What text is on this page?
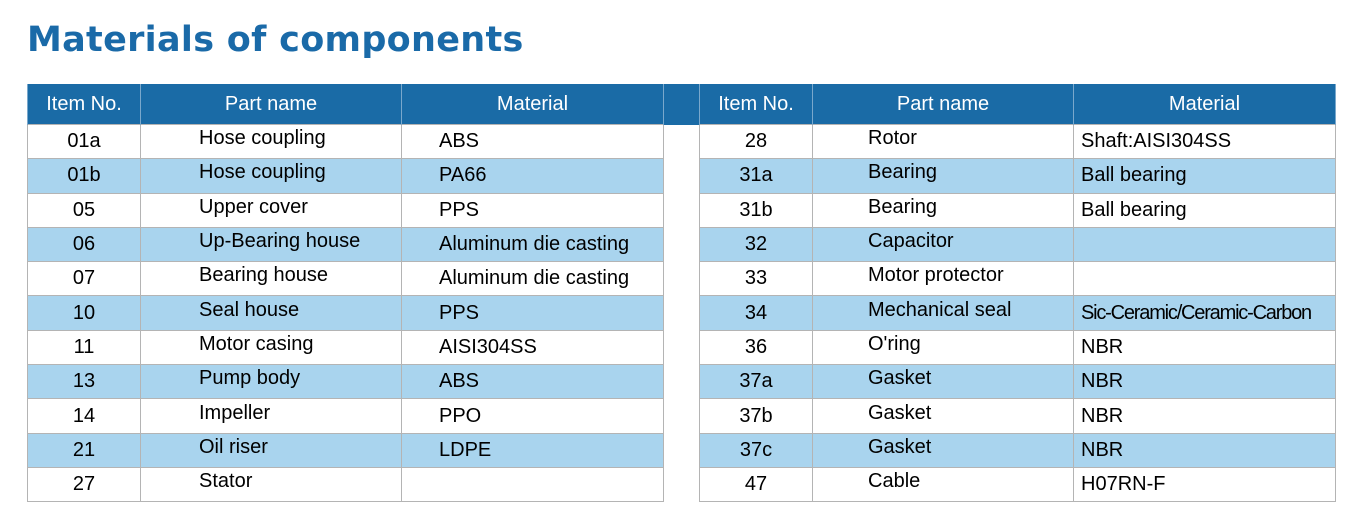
Materials of components
Item No.	Part name	Material
01a	Hose coupling	ABS
01b	Hose coupling	PA66
05	Upper cover	PPS
06	Up-Bearing house	Aluminum die casting
07	Bearing house	Aluminum die casting
10	Seal house	PPS
11	Motor casing	AISI304SS
13	Pump body	ABS
14	Impeller	PPO
21	Oil riser	LDPE
27	Stator	
Item No.	Part name	Material
28	Rotor	Shaft:AISI304SS
31a	Bearing	Ball bearing
31b	Bearing	Ball bearing
32	Capacitor	
33	Motor protector	
34	Mechanical seal	Sic-Ceramic/Ceramic-Carbon
36	O'ring	NBR
37a	Gasket	NBR
37b	Gasket	NBR
37c	Gasket	NBR
47	Cable	H07RN-F
